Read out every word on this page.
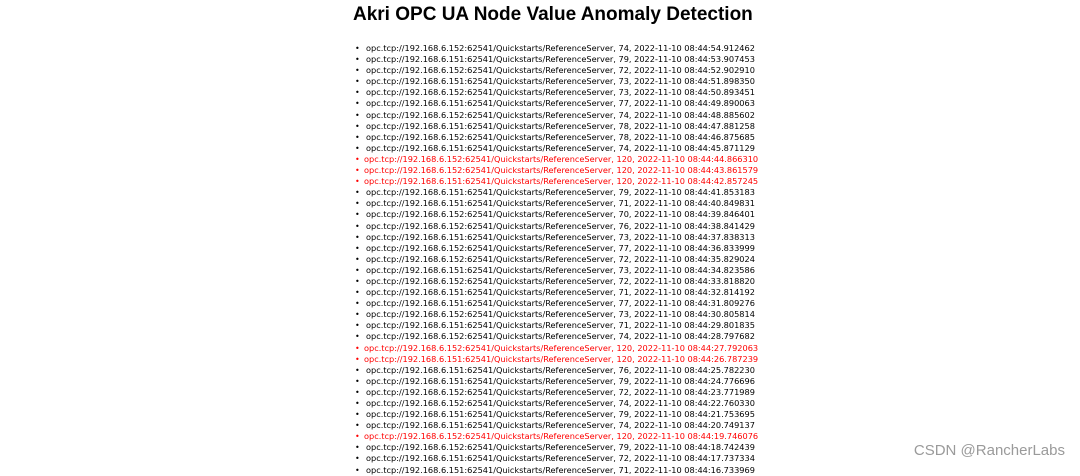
Akri OPC UA Node Value Anomaly Detection
• opc.tcp://192.168.6.152:62541/Quickstarts/ReferenceServer, 74, 2022-11-10 08:44:54.912462
• opc.tcp://192.168.6.151:62541/Quickstarts/ReferenceServer, 79, 2022-11-10 08:44:53.907453
• opc.tcp://192.168.6.152:62541/Quickstarts/ReferenceServer, 72, 2022-11-10 08:44:52.902910
• opc.tcp://192.168.6.151:62541/Quickstarts/ReferenceServer, 73, 2022-11-10 08:44:51.898350
• opc.tcp://192.168.6.152:62541/Quickstarts/ReferenceServer, 73, 2022-11-10 08:44:50.893451
• opc.tcp://192.168.6.151:62541/Quickstarts/ReferenceServer, 77, 2022-11-10 08:44:49.890063
• opc.tcp://192.168.6.152:62541/Quickstarts/ReferenceServer, 74, 2022-11-10 08:44:48.885602
• opc.tcp://192.168.6.151:62541/Quickstarts/ReferenceServer, 78, 2022-11-10 08:44:47.881258
• opc.tcp://192.168.6.152:62541/Quickstarts/ReferenceServer, 78, 2022-11-10 08:44:46.875685
• opc.tcp://192.168.6.151:62541/Quickstarts/ReferenceServer, 74, 2022-11-10 08:44:45.871129
• opc.tcp://192.168.6.152:62541/Quickstarts/ReferenceServer, 120, 2022-11-10 08:44:44.866310
• opc.tcp://192.168.6.152:62541/Quickstarts/ReferenceServer, 120, 2022-11-10 08:44:43.861579
• opc.tcp://192.168.6.151:62541/Quickstarts/ReferenceServer, 120, 2022-11-10 08:44:42.857245
• opc.tcp://192.168.6.151:62541/Quickstarts/ReferenceServer, 79, 2022-11-10 08:44:41.853183
• opc.tcp://192.168.6.151:62541/Quickstarts/ReferenceServer, 71, 2022-11-10 08:44:40.849831
• opc.tcp://192.168.6.152:62541/Quickstarts/ReferenceServer, 70, 2022-11-10 08:44:39.846401
• opc.tcp://192.168.6.152:62541/Quickstarts/ReferenceServer, 76, 2022-11-10 08:44:38.841429
• opc.tcp://192.168.6.151:62541/Quickstarts/ReferenceServer, 73, 2022-11-10 08:44:37.838313
• opc.tcp://192.168.6.152:62541/Quickstarts/ReferenceServer, 77, 2022-11-10 08:44:36.833999
• opc.tcp://192.168.6.152:62541/Quickstarts/ReferenceServer, 72, 2022-11-10 08:44:35.829024
• opc.tcp://192.168.6.151:62541/Quickstarts/ReferenceServer, 73, 2022-11-10 08:44:34.823586
• opc.tcp://192.168.6.152:62541/Quickstarts/ReferenceServer, 72, 2022-11-10 08:44:33.818820
• opc.tcp://192.168.6.151:62541/Quickstarts/ReferenceServer, 71, 2022-11-10 08:44:32.814192
• opc.tcp://192.168.6.151:62541/Quickstarts/ReferenceServer, 77, 2022-11-10 08:44:31.809276
• opc.tcp://192.168.6.152:62541/Quickstarts/ReferenceServer, 73, 2022-11-10 08:44:30.805814
• opc.tcp://192.168.6.151:62541/Quickstarts/ReferenceServer, 71, 2022-11-10 08:44:29.801835
• opc.tcp://192.168.6.152:62541/Quickstarts/ReferenceServer, 74, 2022-11-10 08:44:28.797682
• opc.tcp://192.168.6.152:62541/Quickstarts/ReferenceServer, 120, 2022-11-10 08:44:27.792063
• opc.tcp://192.168.6.151:62541/Quickstarts/ReferenceServer, 120, 2022-11-10 08:44:26.787239
• opc.tcp://192.168.6.151:62541/Quickstarts/ReferenceServer, 76, 2022-11-10 08:44:25.782230
• opc.tcp://192.168.6.151:62541/Quickstarts/ReferenceServer, 79, 2022-11-10 08:44:24.776696
• opc.tcp://192.168.6.152:62541/Quickstarts/ReferenceServer, 72, 2022-11-10 08:44:23.771989
• opc.tcp://192.168.6.152:62541/Quickstarts/ReferenceServer, 74, 2022-11-10 08:44:22.760330
• opc.tcp://192.168.6.151:62541/Quickstarts/ReferenceServer, 79, 2022-11-10 08:44:21.753695
• opc.tcp://192.168.6.151:62541/Quickstarts/ReferenceServer, 74, 2022-11-10 08:44:20.749137
• opc.tcp://192.168.6.152:62541/Quickstarts/ReferenceServer, 120, 2022-11-10 08:44:19.746076
• opc.tcp://192.168.6.152:62541/Quickstarts/ReferenceServer, 79, 2022-11-10 08:44:18.742439
• opc.tcp://192.168.6.151:62541/Quickstarts/ReferenceServer, 72, 2022-11-10 08:44:17.737334
• opc.tcp://192.168.6.151:62541/Quickstarts/ReferenceServer, 71, 2022-11-10 08:44:16.733969
CSDN @RancherLabs
